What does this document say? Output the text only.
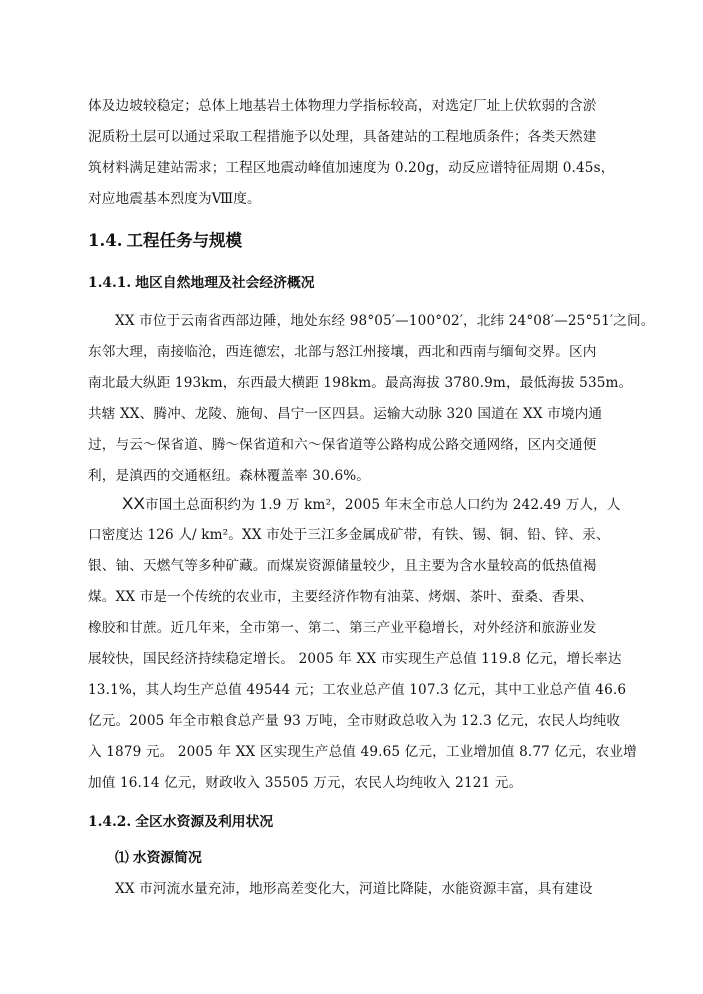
体及边坡较稳定；总体上地基岩土体物理力学指标较高，对选定厂址上伏软弱的含淤
泥质粉土层可以通过采取工程措施予以处理，具备建站的工程地质条件；各类天然建
筑材料满足建站需求；工程区地震动峰值加速度为 0.20g，动反应谱特征周期 0.45s，
对应地震基本烈度为Ⅷ度。
1.4. 工程任务与规模
1.4.1. 地区自然地理及社会经济概况
XX 市位于云南省西部边陲，地处东经 98°05′—100°02′，北纬 24°08′—25°51′之间。
东邻大理，南接临沧，西连德宏，北部与怒江州接壤，西北和西南与缅甸交界。区内
南北最大纵距 193km，东西最大横距 198km。最高海拔 3780.9m，最低海拔 535m。
共辖 XX、腾冲、龙陵、施甸、昌宁一区四县。运输大动脉 320 国道在 XX 市境内通
过，与云～保省道、腾～保省道和六～保省道等公路构成公路交通网络，区内交通便
利，是滇西的交通枢纽。森林覆盖率 30.6%。
XX市国土总面积约为 1.9 万 km²，2005 年末全市总人口约为 242.49 万人，人
口密度达 126 人/ km²。XX 市处于三江多金属成矿带，有铁、锡、铜、铅、锌、汞、
银、铀、天燃气等多种矿藏。而煤炭资源储量较少，且主要为含水量较高的低热值褐
煤。XX 市是一个传统的农业市，主要经济作物有油菜、烤烟、茶叶、蚕桑、香果、
橡胶和甘蔗。近几年来，全市第一、第二、第三产业平稳增长，对外经济和旅游业发
展较快，国民经济持续稳定增长。 2005 年 XX 市实现生产总值 119.8 亿元，增长率达
13.1%，其人均生产总值 49544 元；工农业总产值 107.3 亿元，其中工业总产值 46.6
亿元。2005 年全市粮食总产量 93 万吨，全市财政总收入为 12.3 亿元，农民人均纯收
入 1879 元。 2005 年 XX 区实现生产总值 49.65 亿元，工业增加值 8.77 亿元，农业增
加值 16.14 亿元，财政收入 35505 万元，农民人均纯收入 2121 元。
1.4.2. 全区水资源及利用状况
⑴ 水资源简况
XX 市河流水量充沛，地形高差变化大，河道比降陡，水能资源丰富，具有建设
